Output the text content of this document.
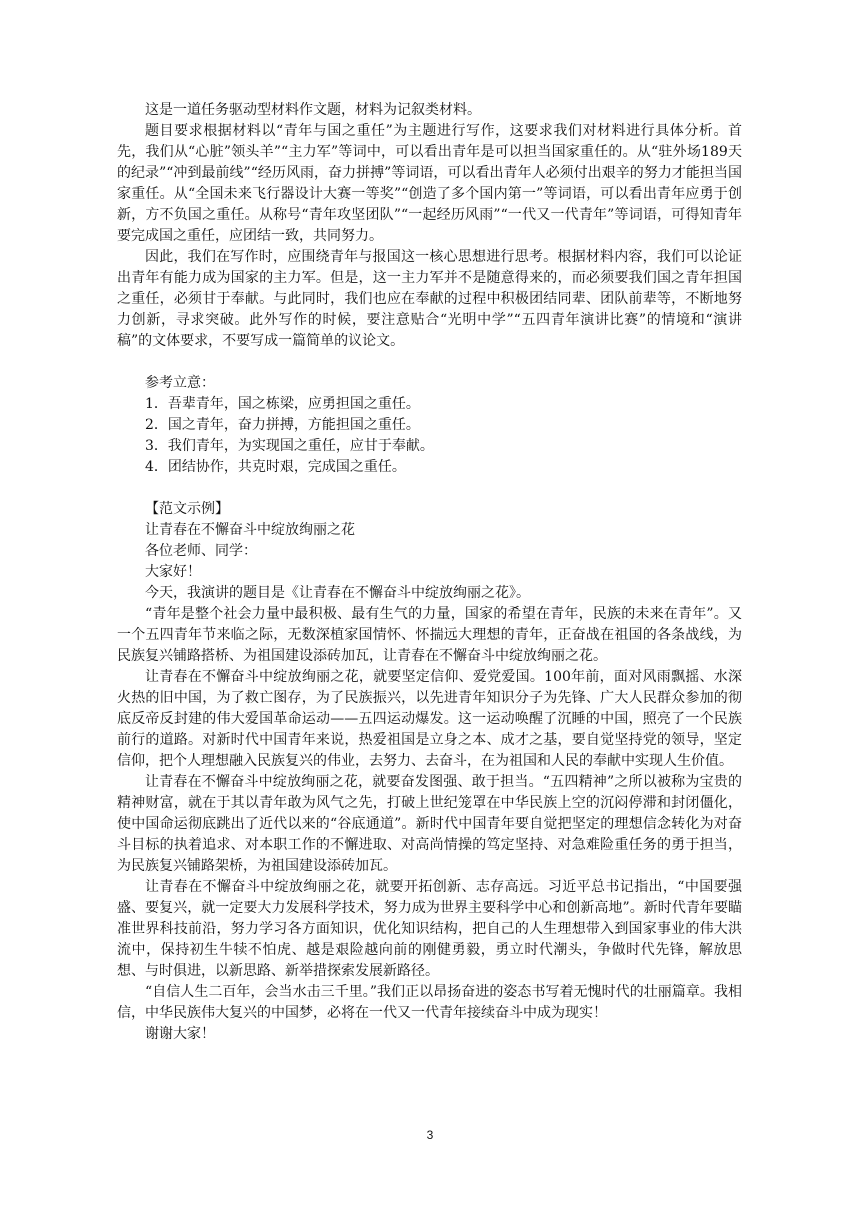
这是一道任务驱动型材料作文题，材料为记叙类材料。

题目要求根据材料以“青年与国之重任”为主题进行写作，这要求我们对材料进行具体分析。首先，我们从“心脏”领头羊”“主力军”等词中，可以看出青年是可以担当国家重任的。从“驻外场189天的纪录”“冲到最前线”“经历风雨，奋力拼搏”等词语，可以看出青年人必须付出艰辛的努力才能担当国家重任。从“全国未来飞行器设计大赛一等奖”“创造了多个国内第一”等词语，可以看出青年应勇于创新，方不负国之重任。从称号“青年攻坚团队”“一起经历风雨”“一代又一代青年”等词语，可得知青年要完成国之重任，应团结一致，共同努力。

因此，我们在写作时，应围绕青年与报国这一核心思想进行思考。根据材料内容，我们可以论证出青年有能力成为国家的主力军。但是，这一主力军并不是随意得来的，而必须要我们国之青年担国之重任，必须甘于奉献。与此同时，我们也应在奉献的过程中积极团结同辈、团队前辈等，不断地努力创新，寻求突破。此外写作的时候，要注意贴合“光明中学”“五四青年演讲比赛”的情境和“演讲稿”的文体要求，不要写成一篇简单的议论文。

参考立意：

1．吾辈青年，国之栋梁，应勇担国之重任。

2．国之青年，奋力拼搏，方能担国之重任。

3．我们青年，为实现国之重任，应甘于奉献。

4．团结协作，共克时艰，完成国之重任。

【范文示例】

让青春在不懈奋斗中绽放绚丽之花

各位老师、同学：

大家好！

今天，我演讲的题目是《让青春在不懈奋斗中绽放绚丽之花》。

“青年是整个社会力量中最积极、最有生气的力量，国家的希望在青年，民族的未来在青年”。又一个五四青年节来临之际，无数深植家国情怀、怀揣远大理想的青年，正奋战在祖国的各条战线，为民族复兴铺路搭桥、为祖国建设添砖加瓦，让青春在不懈奋斗中绽放绚丽之花。

让青春在不懈奋斗中绽放绚丽之花，就要坚定信仰、爱党爱国。100年前，面对风雨飘摇、水深火热的旧中国，为了救亡图存，为了民族振兴，以先进青年知识分子为先锋、广大人民群众参加的彻底反帝反封建的伟大爱国革命运动——五四运动爆发。这一运动唤醒了沉睡的中国，照亮了一个民族前行的道路。对新时代中国青年来说，热爱祖国是立身之本、成才之基，要自觉坚持党的领导，坚定信仰，把个人理想融入民族复兴的伟业，去努力、去奋斗，在为祖国和人民的奉献中实现人生价值。

让青春在不懈奋斗中绽放绚丽之花，就要奋发图强、敢于担当。“五四精神”之所以被称为宝贵的精神财富，就在于其以青年敢为风气之先，打破上世纪笼罩在中华民族上空的沉闷停滞和封闭僵化，使中国命运彻底跳出了近代以来的“谷底通道”。新时代中国青年要自觉把坚定的理想信念转化为对奋斗目标的执着追求、对本职工作的不懈进取、对高尚情操的笃定坚持、对急难险重任务的勇于担当，为民族复兴铺路架桥，为祖国建设添砖加瓦。

让青春在不懈奋斗中绽放绚丽之花，就要开拓创新、志存高远。习近平总书记指出，“中国要强盛、要复兴，就一定要大力发展科学技术，努力成为世界主要科学中心和创新高地”。新时代青年要瞄准世界科技前沿，努力学习各方面知识，优化知识结构，把自己的人生理想带入到国家事业的伟大洪流中，保持初生牛犊不怕虎、越是艰险越向前的刚健勇毅，勇立时代潮头，争做时代先锋，解放思想、与时俱进，以新思路、新举措探索发展新路径。

“自信人生二百年，会当水击三千里。”我们正以昂扬奋进的姿态书写着无愧时代的壮丽篇章。我相信，中华民族伟大复兴的中国梦，必将在一代又一代青年接续奋斗中成为现实！

谢谢大家！

3
